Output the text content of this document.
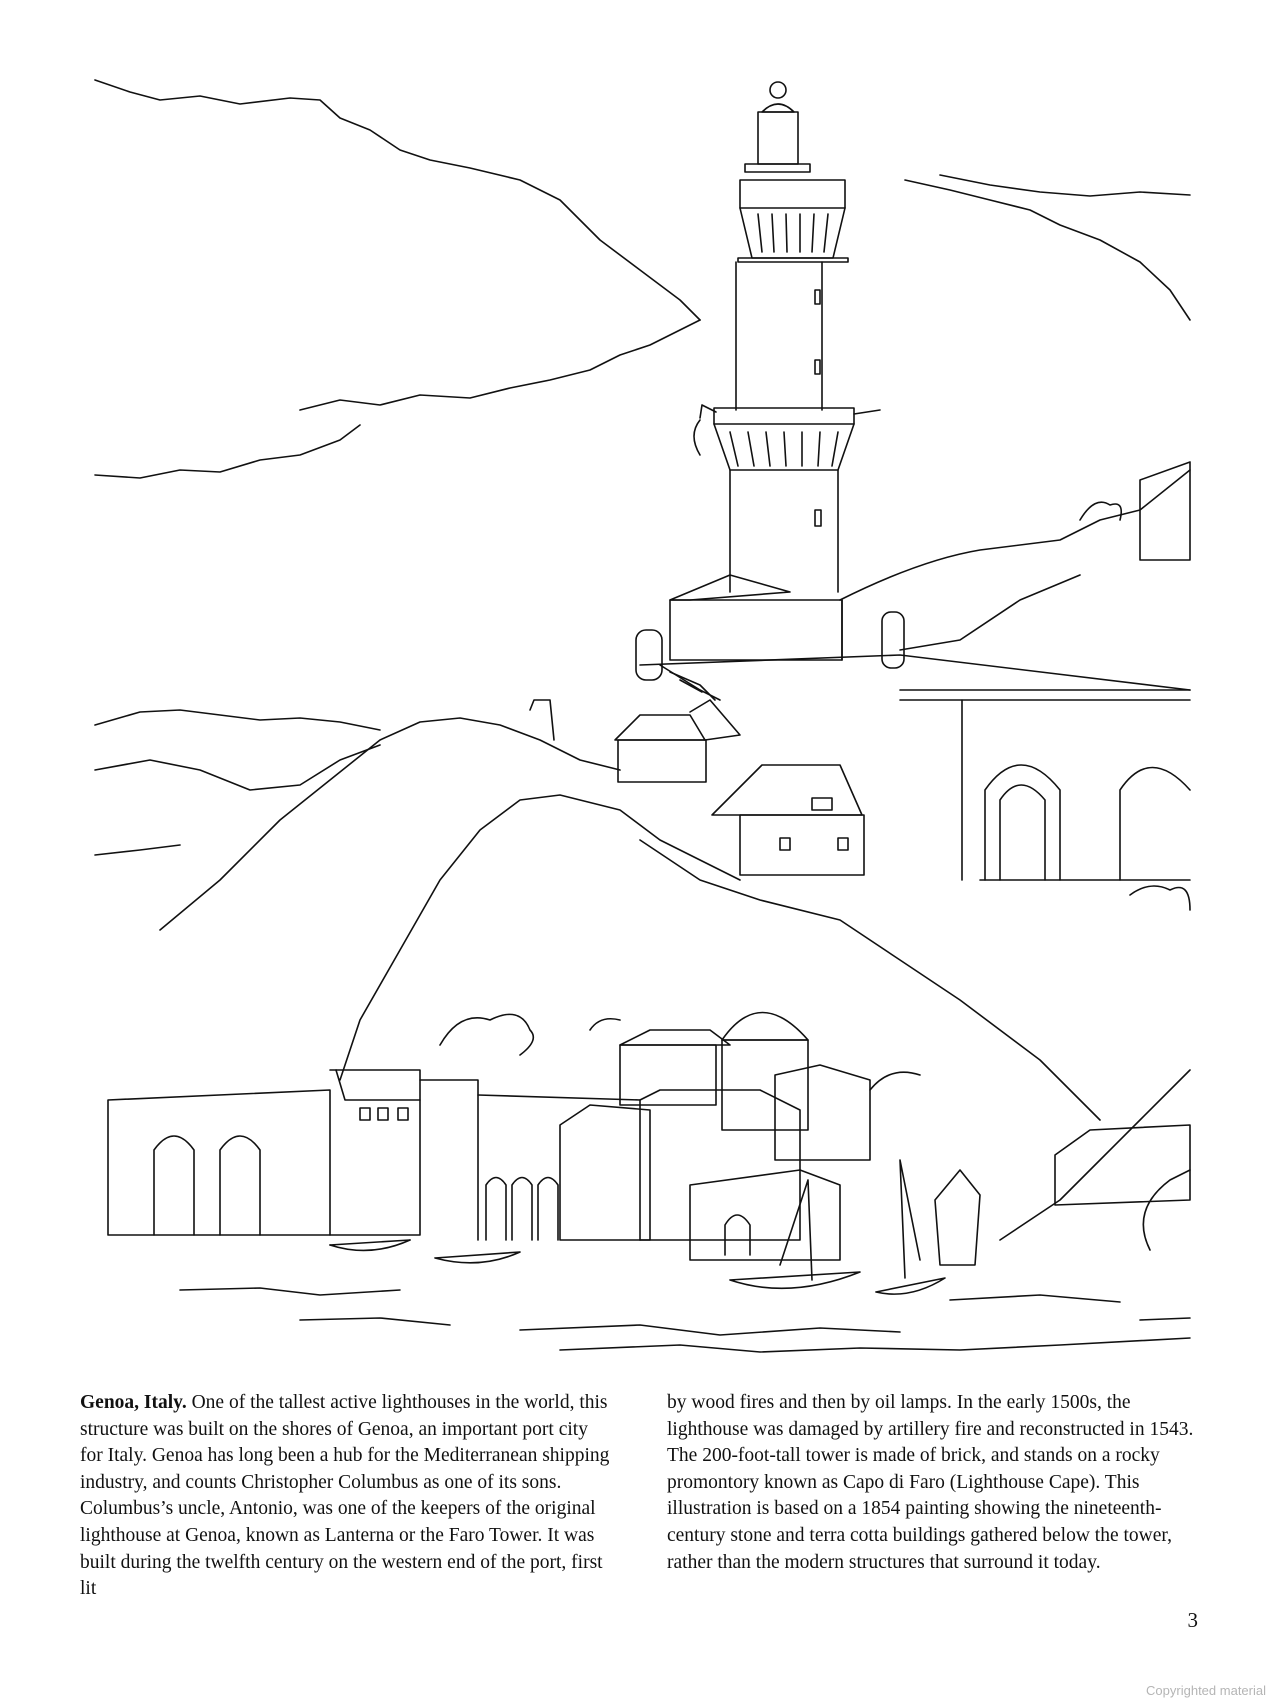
Genoa, Italy. One of the tallest active lighthouses in the world, this structure was built on the shores of Genoa, an important port city for Italy. Genoa has long been a hub for the Mediterranean shipping industry, and counts Christopher Columbus as one of its sons. Columbus’s uncle, Antonio, was one of the keepers of the original lighthouse at Genoa, known as Lanterna or the Faro Tower. It was built during the twelfth century on the western end of the port, first lit

by wood fires and then by oil lamps. In the early 1500s, the lighthouse was damaged by artillery fire and reconstructed in 1543. The 200-foot-tall tower is made of brick, and stands on a rocky promontory known as Capo di Faro (Lighthouse Cape). This illustration is based on a 1854 painting showing the nineteenth-century stone and terra cotta buildings gathered below the tower, rather than the modern structures that surround it today.

3
Copyrighted material
